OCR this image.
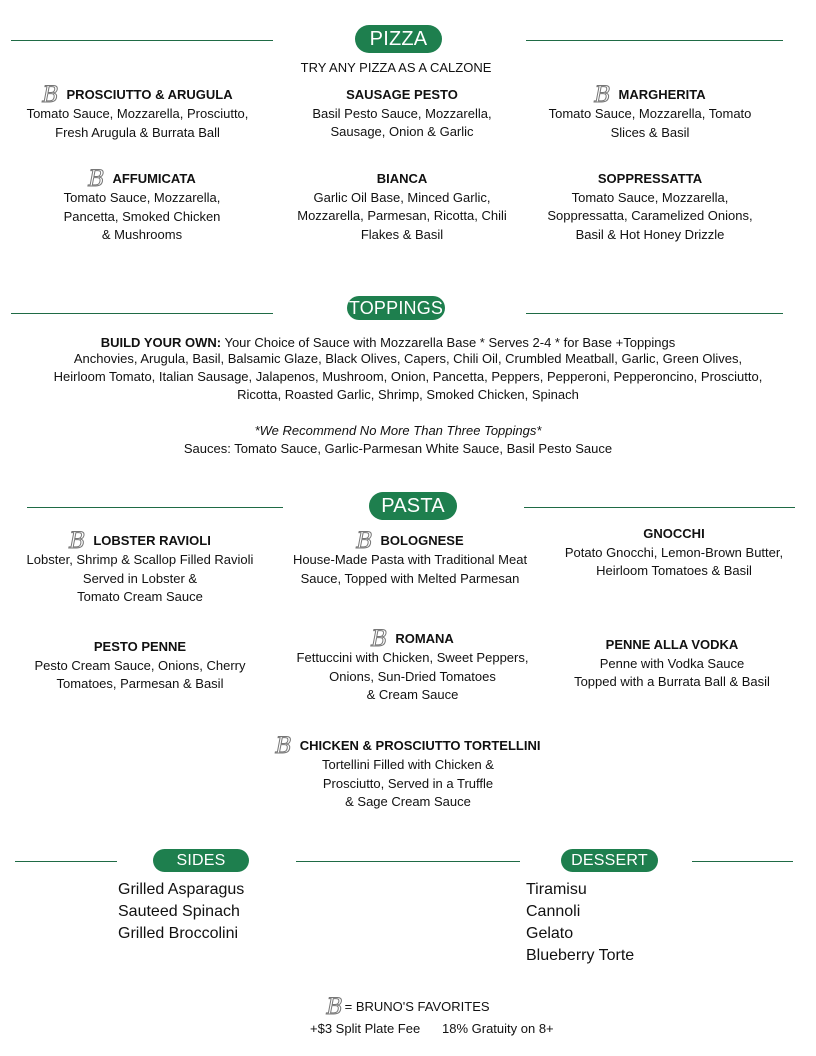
PIZZA
TRY ANY PIZZA AS A CALZONE
BPROSCIUTTO & ARUGULA
Tomato Sauce, Mozzarella, Prosciutto,
Fresh Arugula & Burrata Ball
SAUSAGE PESTO
Basil Pesto Sauce, Mozzarella,
Sausage, Onion & Garlic
BMARGHERITA
Tomato Sauce, Mozzarella, Tomato
Slices & Basil
BAFFUMICATA
Tomato Sauce, Mozzarella,
Pancetta, Smoked Chicken
& Mushrooms
BIANCA
Garlic Oil Base, Minced Garlic,
Mozzarella, Parmesan, Ricotta, Chili
Flakes & Basil
SOPPRESSATTA
Tomato Sauce, Mozzarella,
Soppressatta, Caramelized Onions,
Basil & Hot Honey Drizzle
TOPPINGS
BUILD YOUR OWN: Your Choice of Sauce with Mozzarella Base * Serves 2-4 * for Base +Toppings
Anchovies, Arugula, Basil, Balsamic Glaze, Black Olives, Capers, Chili Oil, Crumbled Meatball, Garlic, Green Olives,
Heirloom Tomato, Italian Sausage, Jalapenos, Mushroom, Onion, Pancetta, Peppers, Pepperoni, Pepperoncino, Prosciutto,
Ricotta, Roasted Garlic, Shrimp, Smoked Chicken, Spinach
*We Recommend No More Than Three Toppings*
Sauces: Tomato Sauce, Garlic-Parmesan White Sauce, Basil Pesto Sauce
PASTA
BLOBSTER RAVIOLI
Lobster, Shrimp & Scallop Filled Ravioli
Served in Lobster &
Tomato Cream Sauce
BBOLOGNESE
House-Made Pasta with Traditional Meat
Sauce, Topped with Melted Parmesan
GNOCCHI
Potato Gnocchi, Lemon-Brown Butter,
Heirloom Tomatoes & Basil
PESTO PENNE
Pesto Cream Sauce, Onions, Cherry
Tomatoes, Parmesan & Basil
BROMANA
Fettuccini with Chicken, Sweet Peppers,
Onions, Sun-Dried Tomatoes
& Cream Sauce
PENNE ALLA VODKA
Penne with Vodka Sauce
Topped with a Burrata Ball & Basil
BCHICKEN & PROSCIUTTO TORTELLINI
Tortellini Filled with Chicken &
Prosciutto, Served in a Truffle
& Sage Cream Sauce
SIDES	DESSERT
Grilled Asparagus
Sauteed Spinach
Grilled Broccolini
Tiramisu
Cannoli
Gelato
Blueberry Torte
B = BRUNO'S FAVORITES
+$3 Split Plate Fee 18% Gratuity on 8+
